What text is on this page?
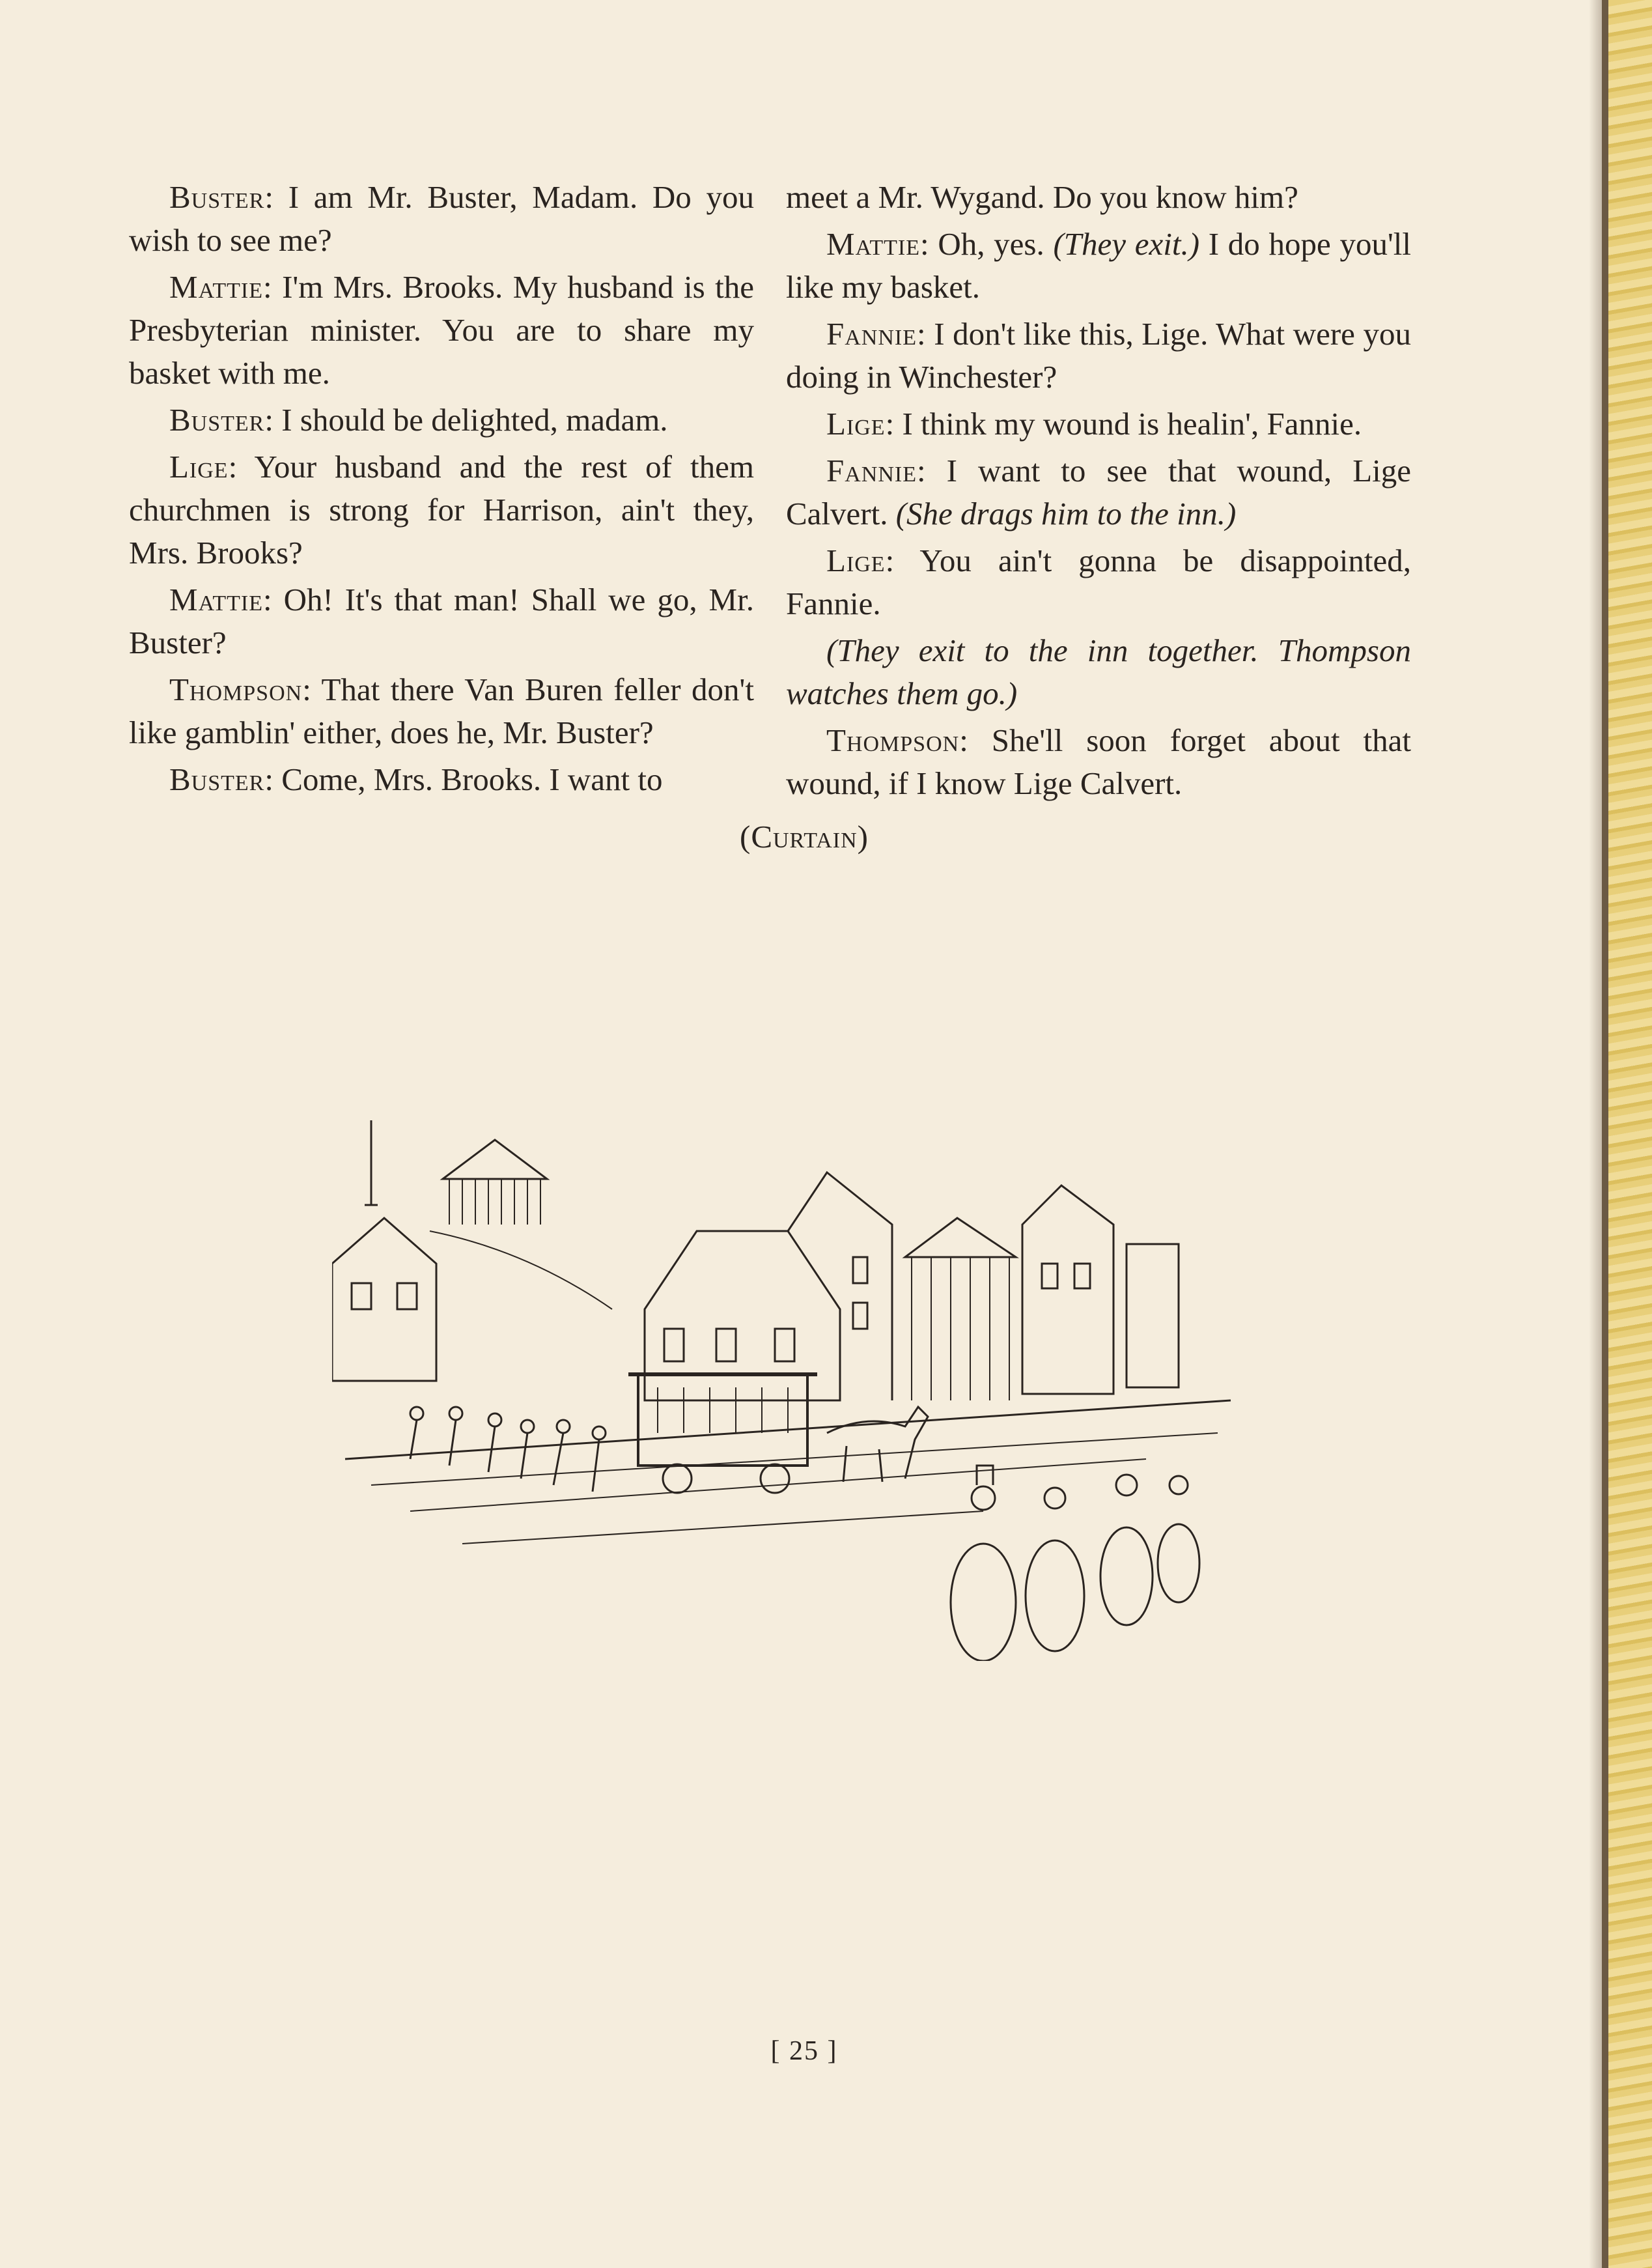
Buster: I am Mr. Buster, Madam. Do you wish to see me?

Mattie: I'm Mrs. Brooks. My husband is the Presbyterian minister. You are to share my basket with me.

Buster: I should be delighted, madam.

Lige: Your husband and the rest of them churchmen is strong for Harrison, ain't they, Mrs. Brooks?

Mattie: Oh! It's that man! Shall we go, Mr. Buster?

Thompson: That there Van Buren feller don't like gamblin' either, does he, Mr. Buster?

Buster: Come, Mrs. Brooks. I want to

meet a Mr. Wygand. Do you know him?

Mattie: Oh, yes. (They exit.) I do hope you'll like my basket.

Fannie: I don't like this, Lige. What were you doing in Winchester?

Lige: I think my wound is healin', Fannie.

Fannie: I want to see that wound, Lige Calvert. (She drags him to the inn.)

Lige: You ain't gonna be disappointed, Fannie.

(They exit to the inn together. Thompson watches them go.)

Thompson: She'll soon forget about that wound, if I know Lige Calvert.

(Curtain)
[ 25 ]
